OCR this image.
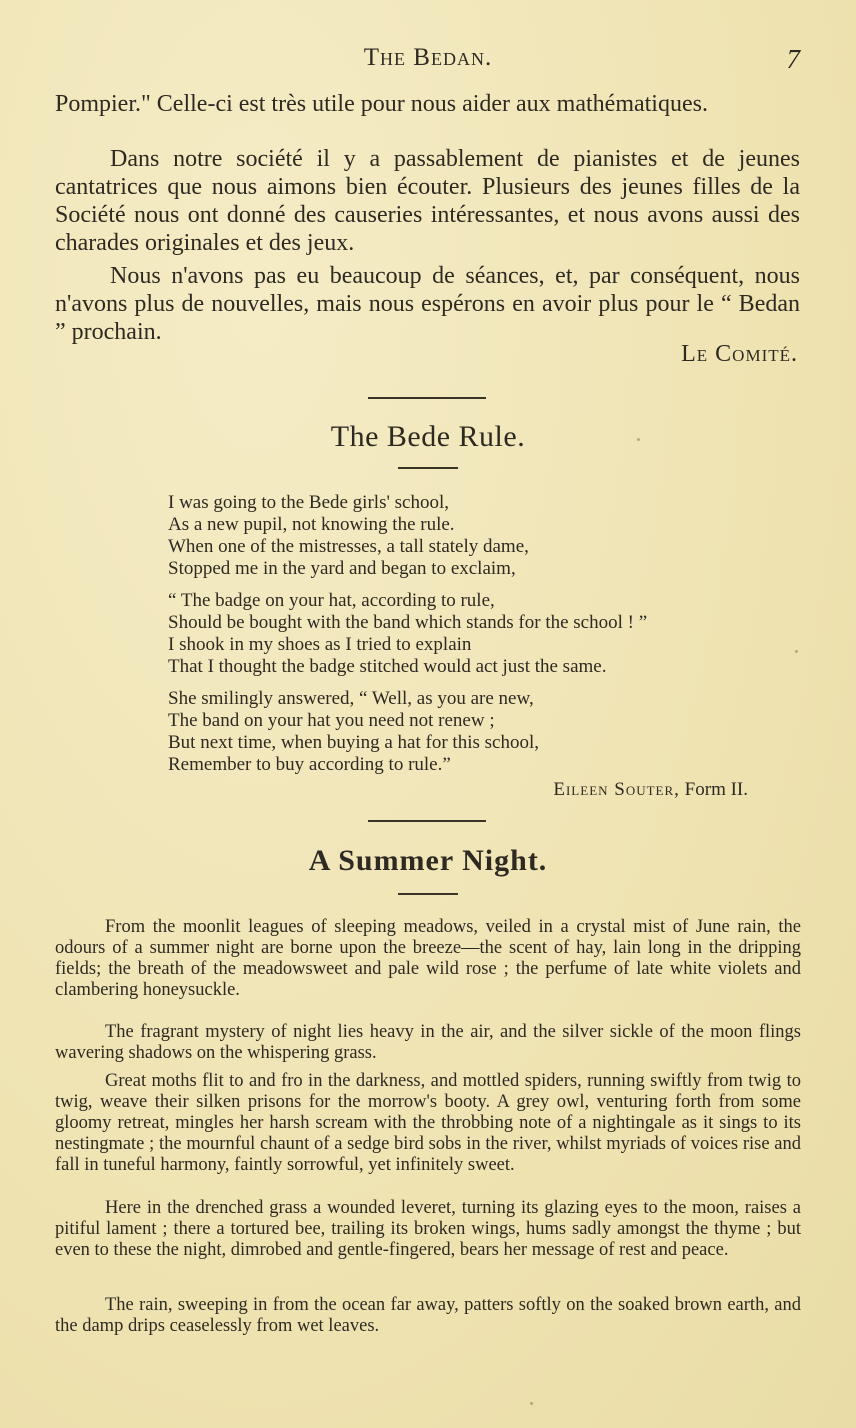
The Bedan.	7
Pompier." Celle-ci est très utile pour nous aider aux mathématiques.
Dans notre société il y a passablement de pianistes et de jeunes cantatrices que nous aimons bien écouter. Plusieurs des jeunes filles de la Société nous ont donné des causeries intéressantes, et nous avons aussi des charades originales et des jeux.
Nous n'avons pas eu beaucoup de séances, et, par conséquent, nous n'avons plus de nouvelles, mais nous espérons en avoir plus pour le “ Bedan ” prochain.
Le Comité.
The Bede Rule.
I was going to the Bede girls' school,
As a new pupil, not knowing the rule.
When one of the mistresses, a tall stately dame,
Stopped me in the yard and began to exclaim,
“ The badge on your hat, according to rule,
Should be bought with the band which stands for the school ! ”
I shook in my shoes as I tried to explain
That I thought the badge stitched would act just the same.
She smilingly answered, “ Well, as you are new,
The band on your hat you need not renew ;
But next time, when buying a hat for this school,
Remember to buy according to rule.”
Eileen Souter, Form II.
A Summer Night.

From the moonlit leagues of sleeping meadows, veiled in a crystal mist of June rain, the odours of a summer night are borne upon the breeze—the scent of hay, lain long in the dripping fields; the breath of the meadowsweet and pale wild rose ; the perfume of late white violets and clambering honeysuckle.

The fragrant mystery of night lies heavy in the air, and the silver sickle of the moon flings wavering shadows on the whispering grass.

Great moths flit to and fro in the darkness, and mottled spiders, running swiftly from twig to twig, weave their silken prisons for the morrow's booty. A grey owl, venturing forth from some gloomy retreat, mingles her harsh scream with the throbbing note of a nightingale as it sings to its nestingmate ; the mournful chaunt of a sedge bird sobs in the river, whilst myriads of voices rise and fall in tuneful harmony, faintly sorrowful, yet infinitely sweet.

Here in the drenched grass a wounded leveret, turning its glazing eyes to the moon, raises a pitiful lament ; there a tortured bee, trailing its broken wings, hums sadly amongst the thyme ; but even to these the night, dimrobed and gentle-fingered, bears her message of rest and peace.

The rain, sweeping in from the ocean far away, patters softly on the soaked brown earth, and the damp drips ceaselessly from wet leaves.
